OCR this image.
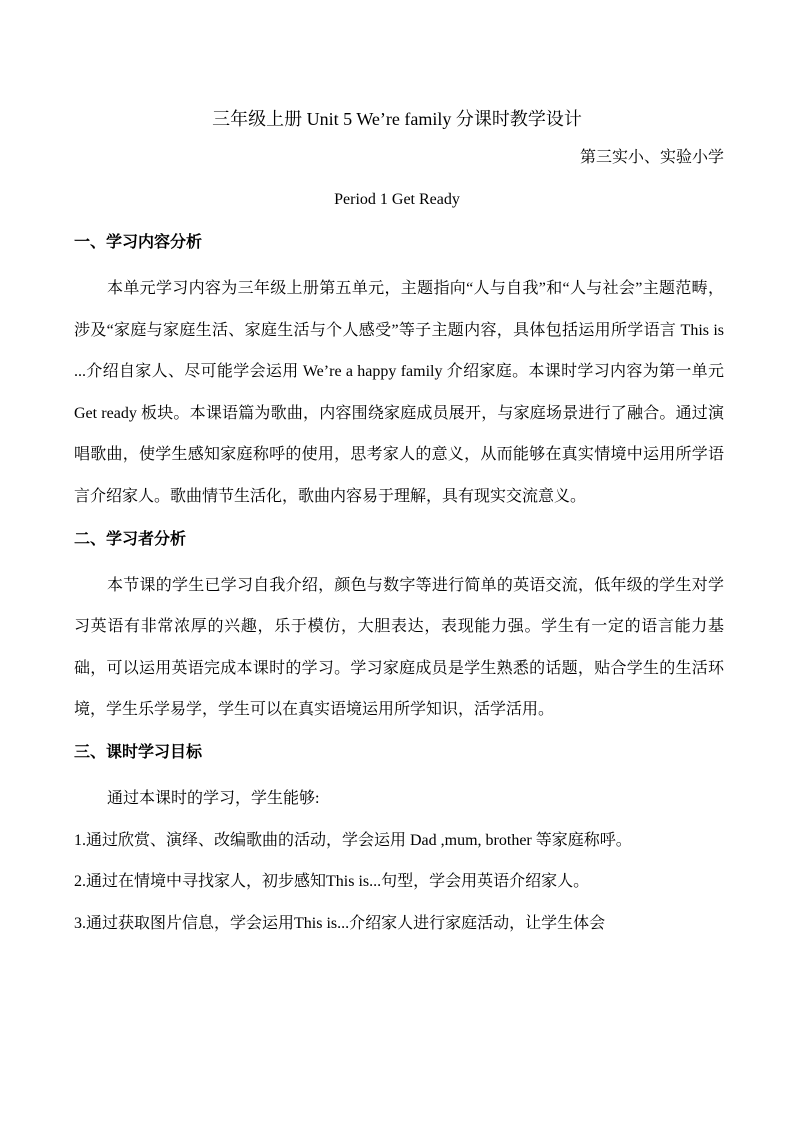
三年级上册 Unit 5 We’re family 分课时教学设计
第三实小、实验小学
Period 1 Get Ready
一、学习内容分析

本单元学习内容为三年级上册第五单元，主题指向“人与自我”和“人与社会”主题范畴，涉及“家庭与家庭生活、家庭生活与个人感受”等子主题内容，具体包括运用所学语言 This is ...介绍自家人、尽可能学会运用 We’re a happy family 介绍家庭。本课时学习内容为第一单元Get ready 板块。本课语篇为歌曲，内容围绕家庭成员展开，与家庭场景进行了融合。通过演唱歌曲，使学生感知家庭称呼的使用，思考家人的意义，从而能够在真实情境中运用所学语言介绍家人。歌曲情节生活化，歌曲内容易于理解，具有现实交流意义。

二、学习者分析

本节课的学生已学习自我介绍，颜色与数字等进行简单的英语交流，低年级的学生对学习英语有非常浓厚的兴趣，乐于模仿，大胆表达，表现能力强。学生有一定的语言能力基础，可以运用英语完成本课时的学习。学习家庭成员是学生熟悉的话题，贴合学生的生活环境，学生乐学易学，学生可以在真实语境运用所学知识，活学活用。

三、课时学习目标

通过本课时的学习，学生能够:

1.通过欣赏、演绎、改编歌曲的活动，学会运用 Dad ,mum, brother 等家庭称呼。

2.通过在情境中寻找家人，初步感知This is...句型，学会用英语介绍家人。

3.通过获取图片信息，学会运用This is...介绍家人进行家庭活动，让学生体会
